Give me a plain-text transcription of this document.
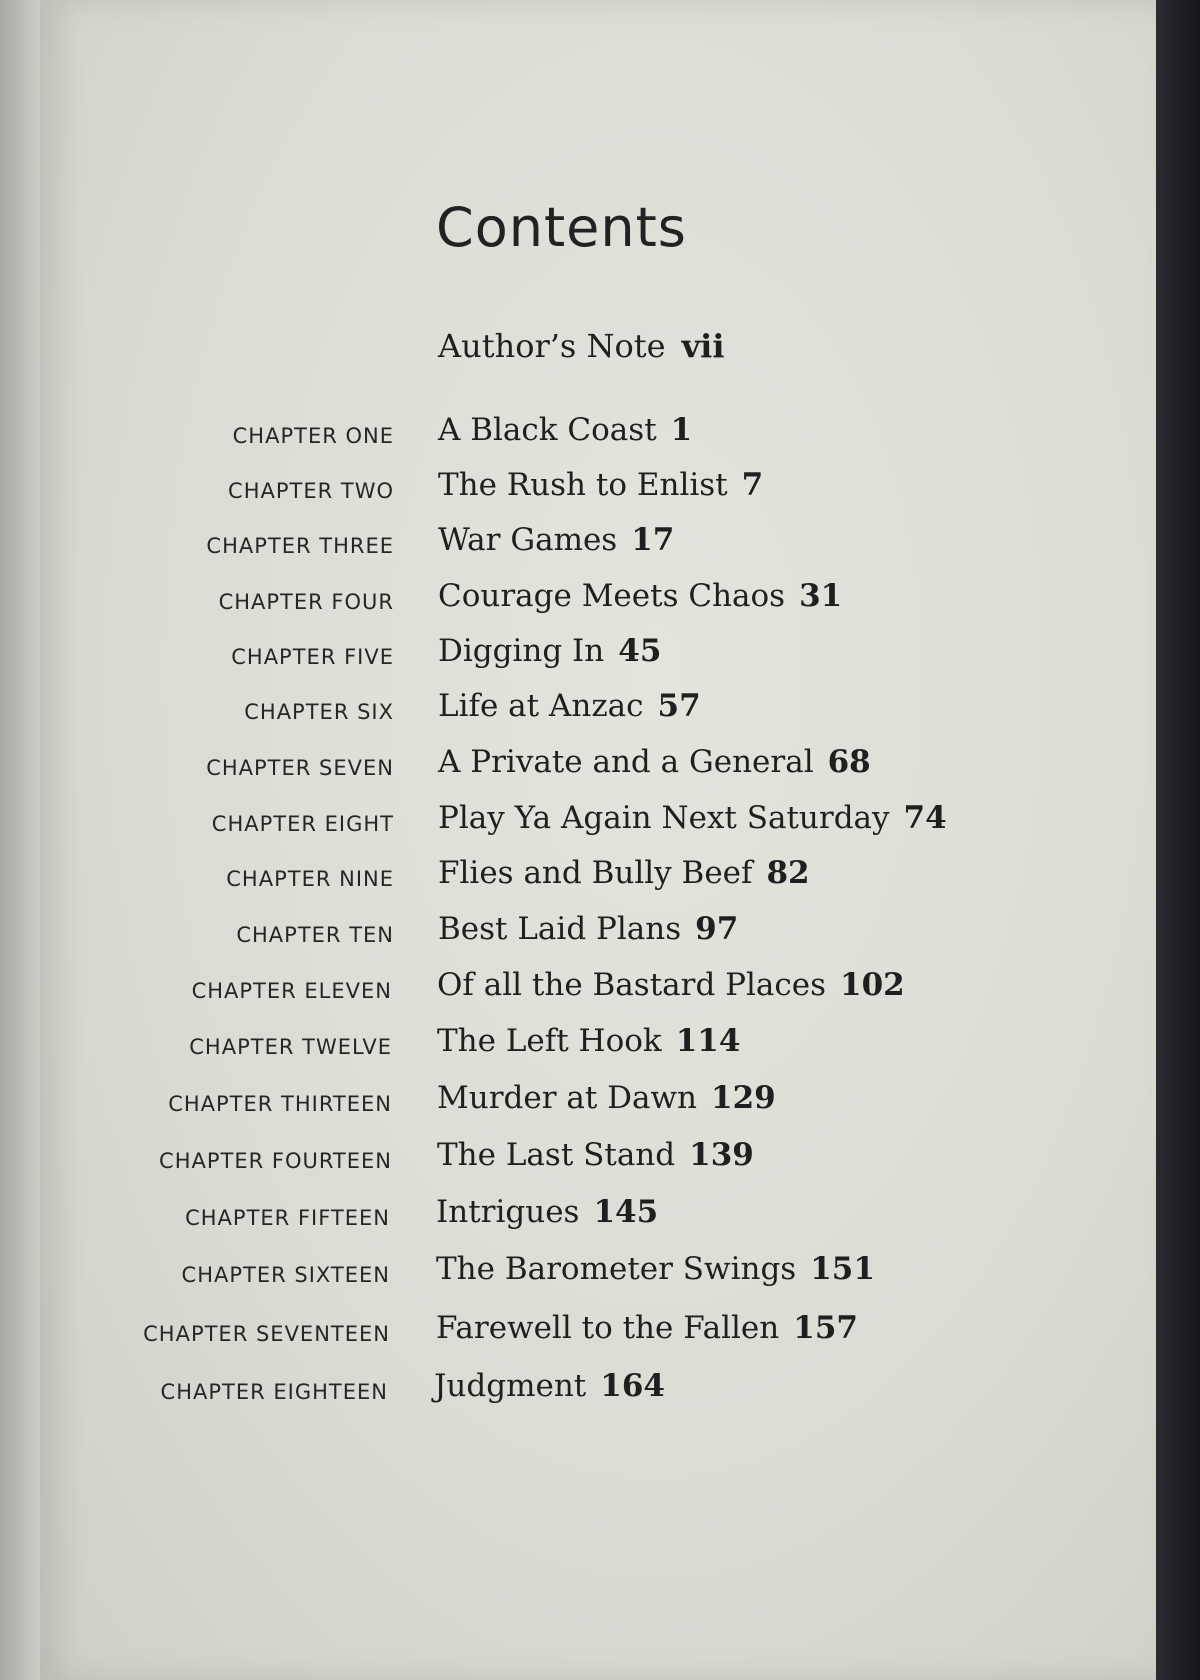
Contents
Author’s Note vii
CHAPTER ONE A Black Coast 1
CHAPTER TWO The Rush to Enlist 7
CHAPTER THREE War Games 17
CHAPTER FOUR Courage Meets Chaos 31
CHAPTER FIVE Digging In 45
CHAPTER SIX Life at Anzac 57
CHAPTER SEVEN A Private and a General 68
CHAPTER EIGHT Play Ya Again Next Saturday 74
CHAPTER NINE Flies and Bully Beef 82
CHAPTER TEN Best Laid Plans 97
CHAPTER ELEVEN Of all the Bastard Places 102
CHAPTER TWELVE The Left Hook 114
CHAPTER THIRTEEN Murder at Dawn 129
CHAPTER FOURTEEN The Last Stand 139
CHAPTER FIFTEEN Intrigues 145
CHAPTER SIXTEEN The Barometer Swings 151
CHAPTER SEVENTEEN Farewell to the Fallen 157
CHAPTER EIGHTEEN Judgment 164
